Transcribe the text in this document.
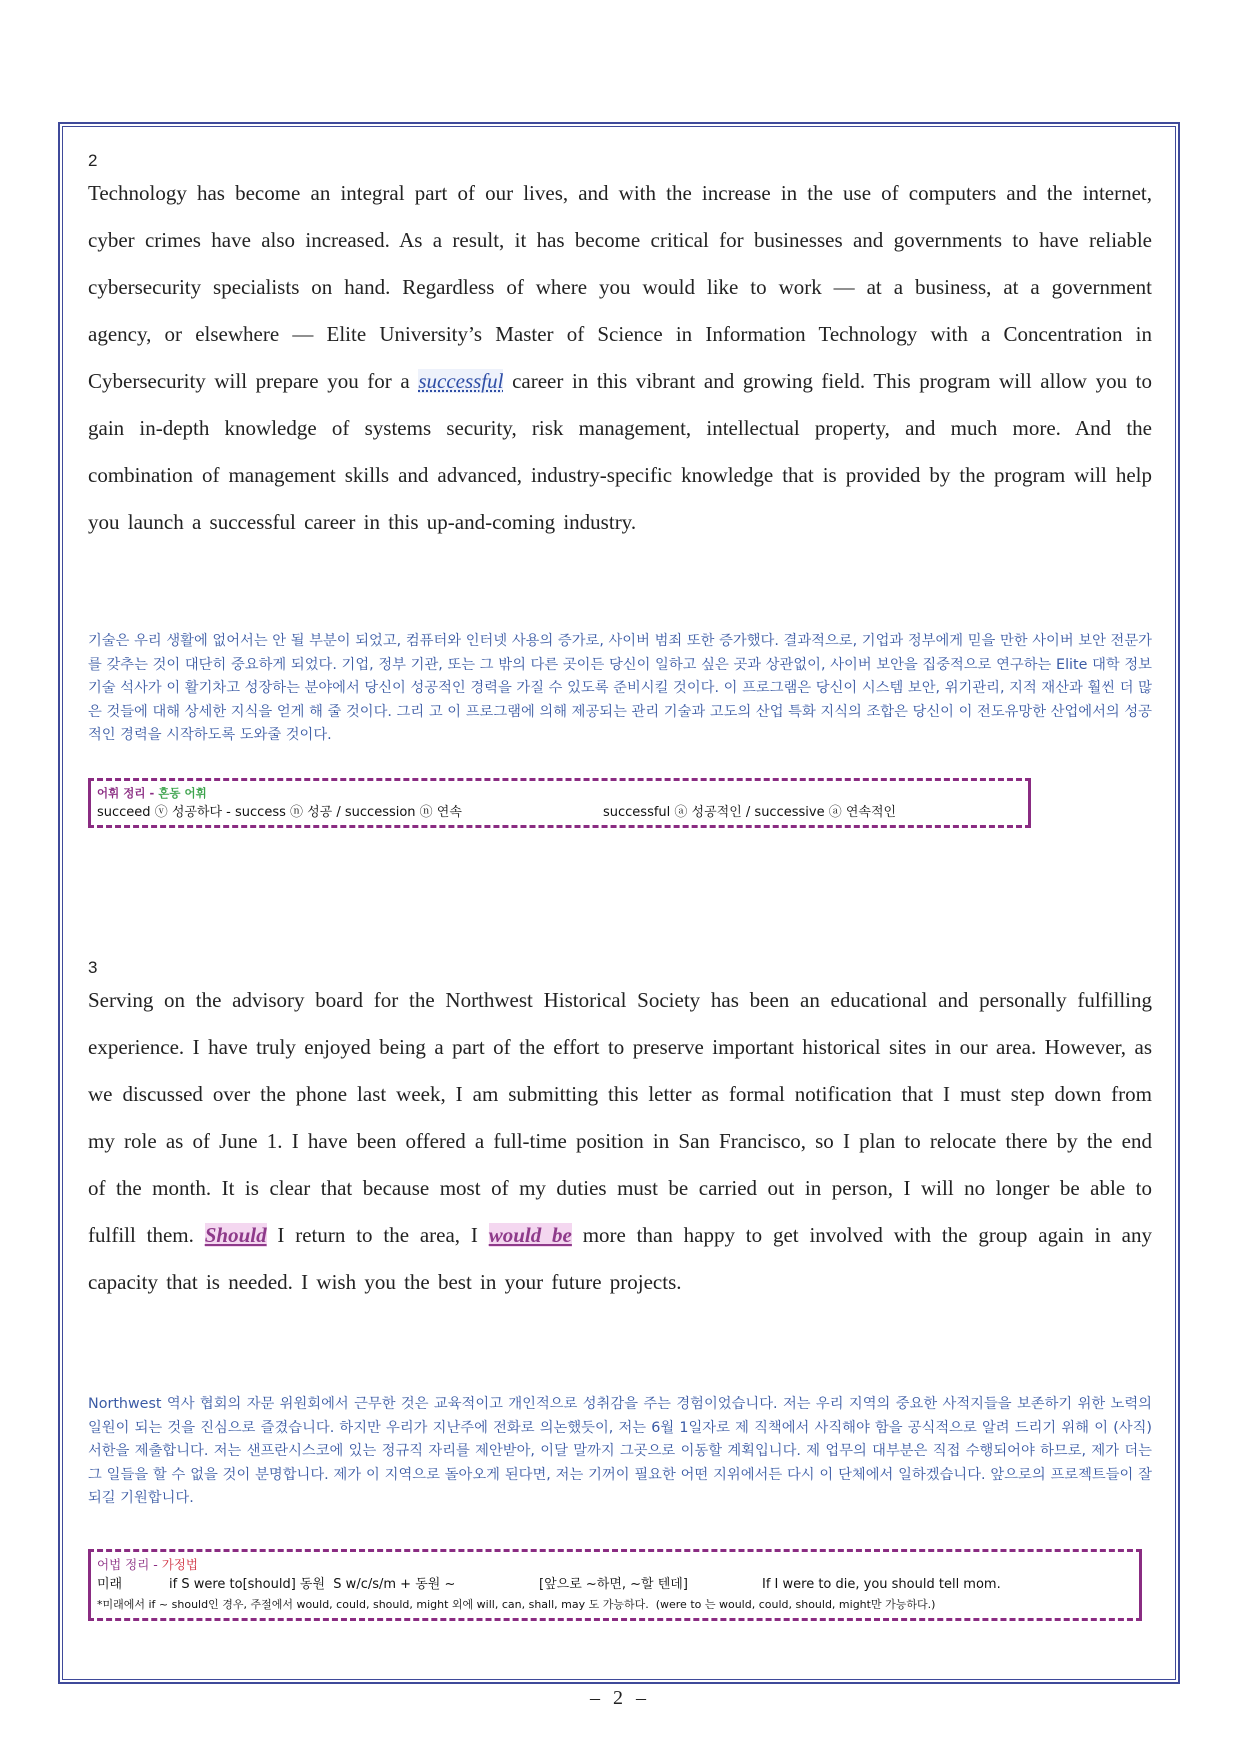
2
Technology has become an integral part of our lives, and with the increase in the use of computers and the internet, cyber crimes have also increased. As a result, it has become critical for businesses and governments to have reliable cybersecurity specialists on hand. Regardless of where you would like to work — at a business, at a government agency, or elsewhere — Elite University’s Master of Science in Information Technology with a Concentration in Cybersecurity will prepare you for a successful career in this vibrant and growing field. This program will allow you to gain in-depth knowledge of systems security, risk management, intellectual property, and much more. And the combination of management skills and advanced, industry-specific knowledge that is provided by the program will help you launch a successful career in this up-and-coming industry.
기술은 우리 생활에 없어서는 안 될 부분이 되었고, 컴퓨터와 인터넷 사용의 증가로, 사이버 범죄 또한 증가했다. 결과적으로, 기업과 정부에게 믿을 만한 사이버 보안 전문가를 갖추는 것이 대단히 중요하게 되었다. 기업, 정부 기관, 또는 그 밖의 다른 곳이든 당신이 일하고 싶은 곳과 상관없이, 사이버 보안을 집중적으로 연구하는 Elite 대학 정보기술 석사가 이 활기차고 성장하는 분야에서 당신이 성공적인 경력을 가질 수 있도록 준비시킬 것이다. 이 프로그램은 당신이 시스템 보안, 위기관리, 지적 재산과 훨씬 더 많은 것들에 대해 상세한 지식을 얻게 해 줄 것이다. 그리 고 이 프로그램에 의해 제공되는 관리 기술과 고도의 산업 특화 지식의 조합은 당신이 이 전도유망한 산업에서의 성공적인 경력을 시작하도록 도와줄 것이다.
어휘 정리 - 혼동 어휘
succeed ⓥ 성공하다 - success ⓝ 성공 / succession ⓝ 연속	successful ⓐ 성공적인 / successive ⓐ 연속적인
3
Serving on the advisory board for the Northwest Historical Society has been an educational and personally fulfilling experience. I have truly enjoyed being a part of the effort to preserve important historical sites in our area. However, as we discussed over the phone last week, I am submitting this letter as formal notification that I must step down from my role as of June 1. I have been offered a full-time position in San Francisco, so I plan to relocate there by the end of the month. It is clear that because most of my duties must be carried out in person, I will no longer be able to fulfill them. Should I return to the area, I would be more than happy to get involved with the group again in any capacity that is needed. I wish you the best in your future projects.
Northwest 역사 협회의 자문 위원회에서 근무한 것은 교육적이고 개인적으로 성취감을 주는 경험이었습니다. 저는 우리 지역의 중요한 사적지들을 보존하기 위한 노력의 일원이 되는 것을 진심으로 즐겼습니다. 하지만 우리가 지난주에 전화로 의논했듯이, 저는 6월 1일자로 제 직책에서 사직해야 함을 공식적으로 알려 드리기 위해 이 (사직) 서한을 제출합니다. 저는 샌프란시스코에 있는 정규직 자리를 제안받아, 이달 말까지 그곳으로 이동할 계획입니다. 제 업무의 대부분은 직접 수행되어야 하므로, 제가 더는 그 일들을 할 수 없을 것이 분명합니다. 제가 이 지역으로 돌아오게 된다면, 저는 기꺼이 필요한 어떤 지위에서든 다시 이 단체에서 일하겠습니다. 앞으로의 프로젝트들이 잘 되길 기원합니다.
어법 정리 - 가정법

미래

	if S were to[should] 동원  S w/c/s/m + 동원 ~

	[앞으로 ~하면, ~할 텐데]

	If I were to die, you should tell mom.

*미래에서 if ~ should인 경우, 주절에서 would, could, should, might 외에 will, can, shall, may 도 가능하다.  (were to 는 would, could, should, might만 가능하다.)
– 2 –
